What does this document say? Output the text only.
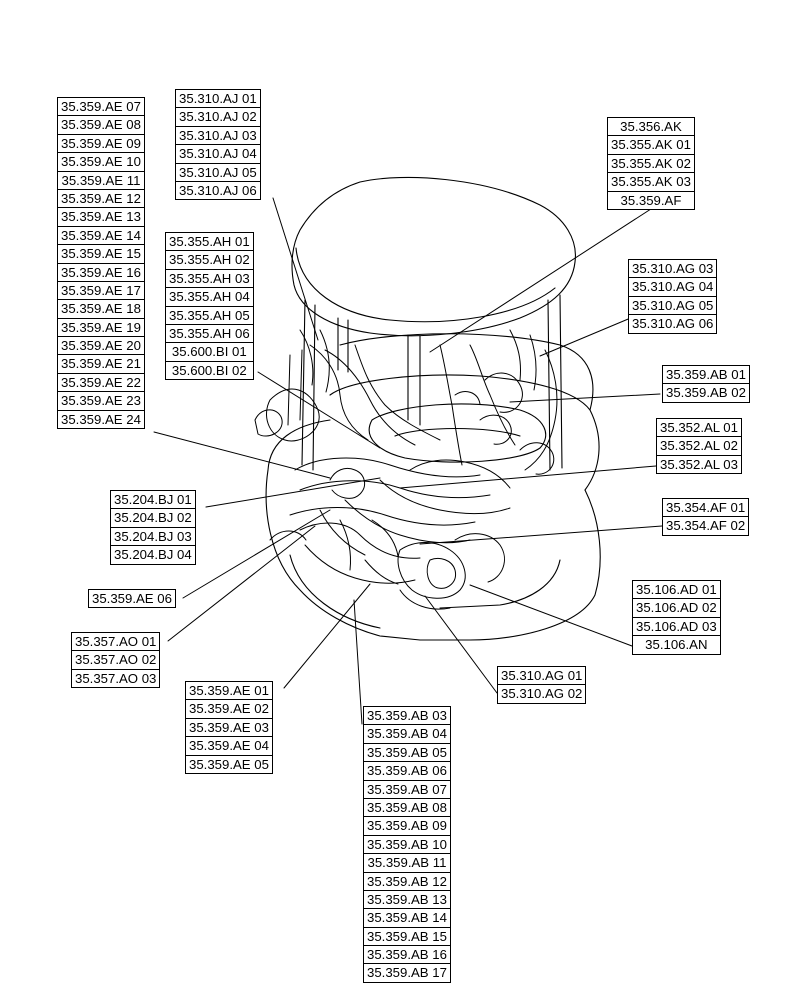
35.359.AE 07
35.359.AE 08
35.359.AE 09
35.359.AE 10
35.359.AE 11
35.359.AE 12
35.359.AE 13
35.359.AE 14
35.359.AE 15
35.359.AE 16
35.359.AE 17
35.359.AE 18
35.359.AE 19
35.359.AE 20
35.359.AE 21
35.359.AE 22
35.359.AE 23
35.359.AE 24
35.310.AJ 01
35.310.AJ 02
35.310.AJ 03
35.310.AJ 04
35.310.AJ 05
35.310.AJ 06
35.355.AH 01
35.355.AH 02
35.355.AH 03
35.355.AH 04
35.355.AH 05
35.355.AH 06
35.600.BI 01
35.600.BI 02
35.356.AK
35.355.AK 01
35.355.AK 02
35.355.AK 03
35.359.AF
35.310.AG 03
35.310.AG 04
35.310.AG 05
35.310.AG 06
35.359.AB 01
35.359.AB 02
35.352.AL 01
35.352.AL 02
35.352.AL 03
35.204.BJ 01
35.204.BJ 02
35.204.BJ 03
35.204.BJ 04
35.354.AF 01
35.354.AF 02
35.359.AE 06
35.106.AD 01
35.106.AD 02
35.106.AD 03
35.106.AN
35.357.AO 01
35.357.AO 02
35.357.AO 03	35.310.AG 01
35.310.AG 02
35.359.AE 01
35.359.AE 02
35.359.AE 03
35.359.AE 04
35.359.AE 05
35.359.AB 03
35.359.AB 04
35.359.AB 05
35.359.AB 06
35.359.AB 07
35.359.AB 08
35.359.AB 09
35.359.AB 10
35.359.AB 11
35.359.AB 12
35.359.AB 13
35.359.AB 14
35.359.AB 15
35.359.AB 16
35.359.AB 17
